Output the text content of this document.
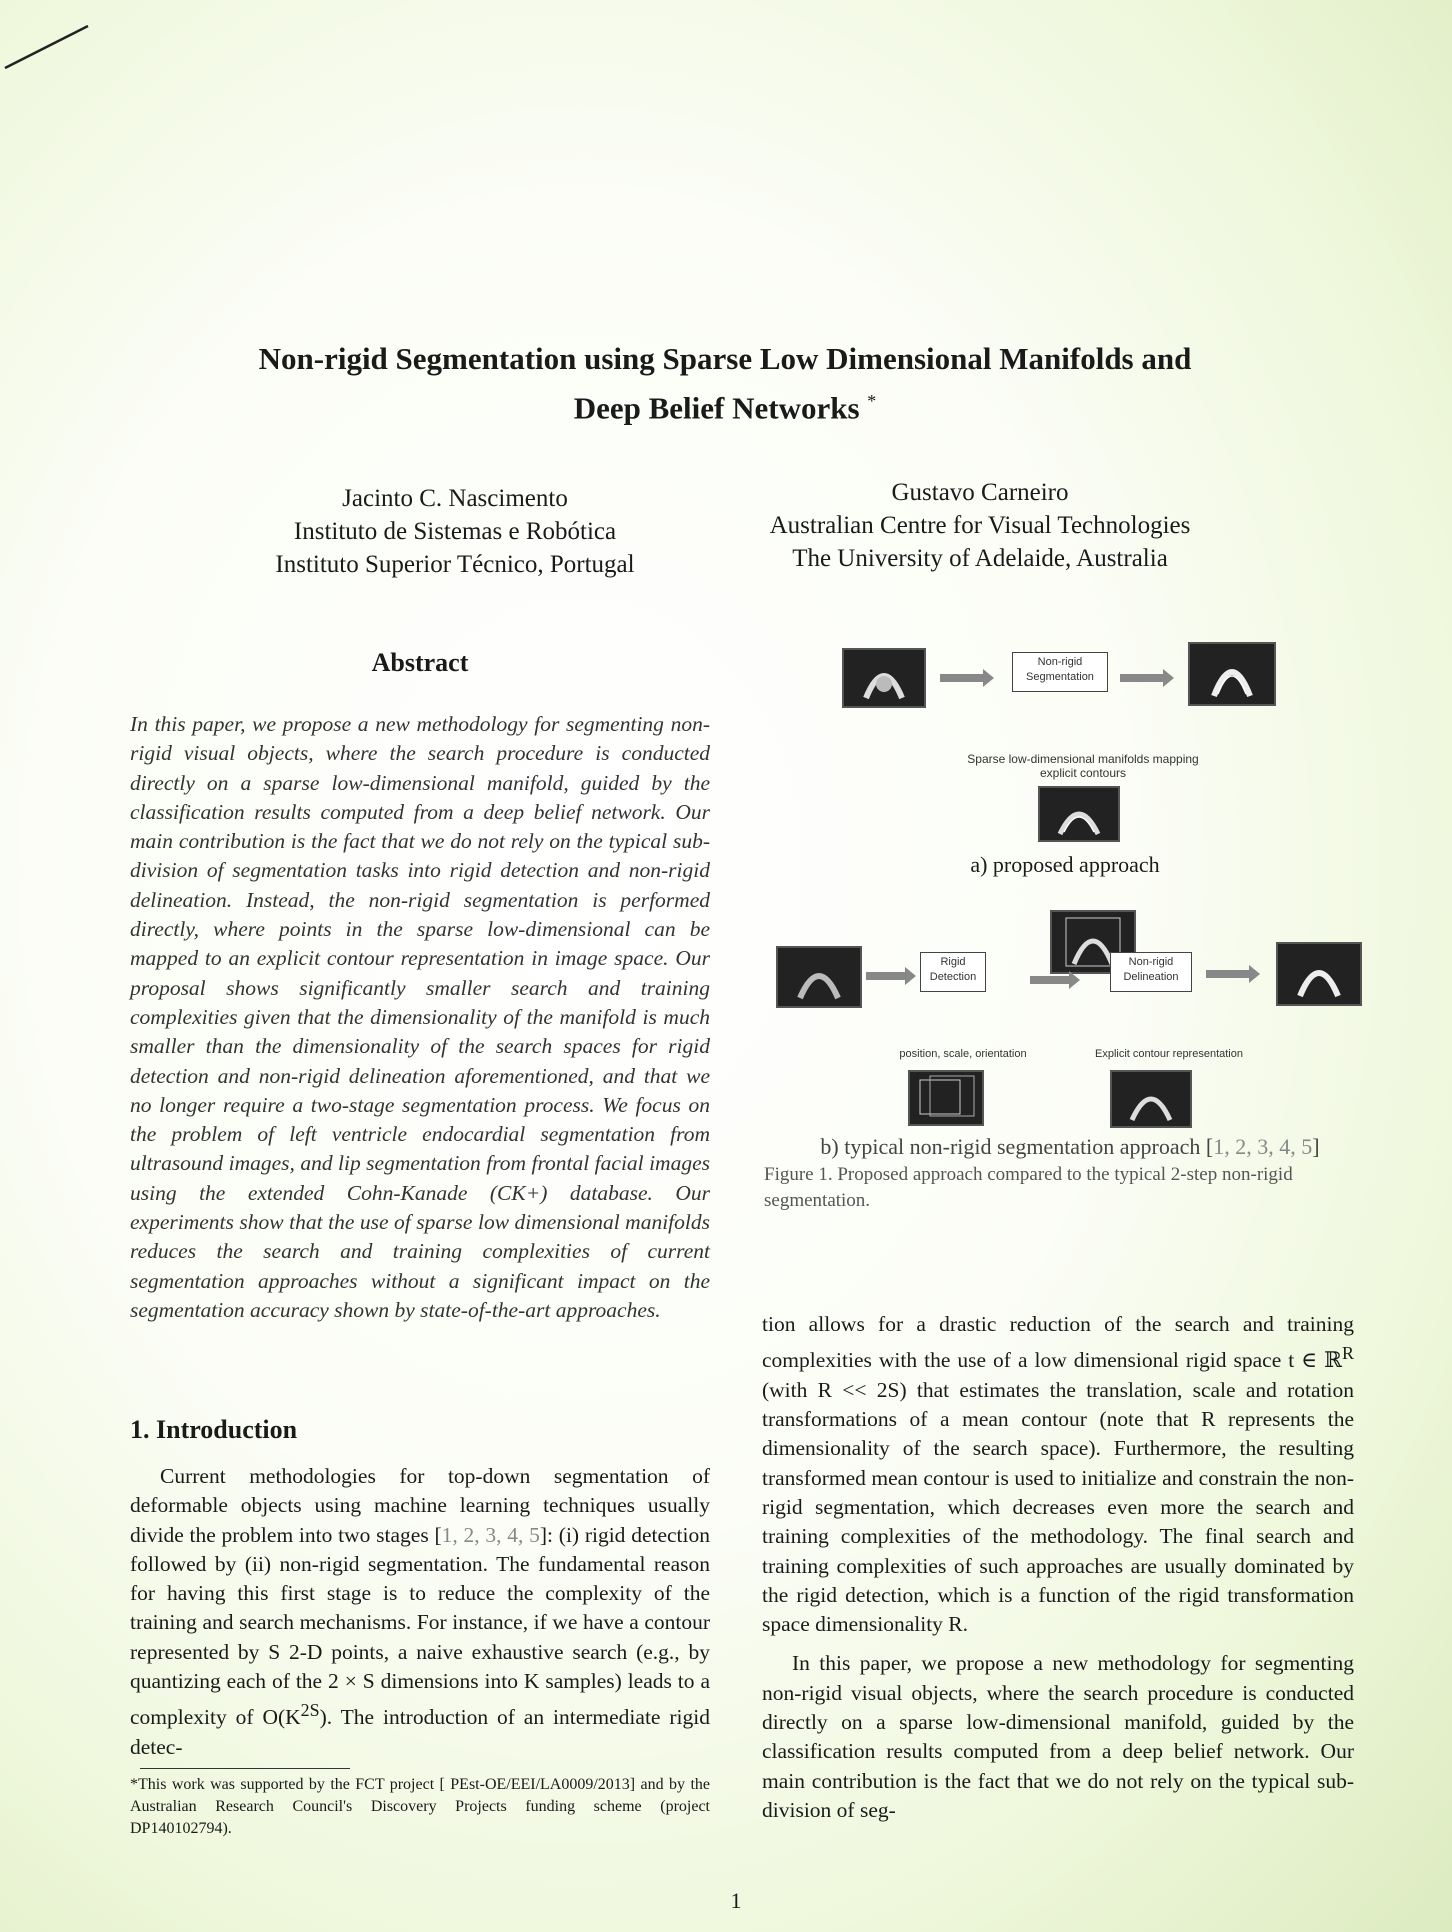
Non-rigid Segmentation using Sparse Low Dimensional Manifolds and
Deep Belief Networks *
Jacinto C. Nascimento
Instituto de Sistemas e Robótica
Instituto Superior Técnico, Portugal
Gustavo Carneiro
Australian Centre for Visual Technologies
The University of Adelaide, Australia
Abstract
In this paper, we propose a new methodology for segmenting non-rigid visual objects, where the search procedure is conducted directly on a sparse low-dimensional manifold, guided by the classification results computed from a deep belief network. Our main contribution is the fact that we do not rely on the typical sub-division of segmentation tasks into rigid detection and non-rigid delineation. Instead, the non-rigid segmentation is performed directly, where points in the sparse low-dimensional can be mapped to an explicit contour representation in image space. Our proposal shows significantly smaller search and training complexities given that the dimensionality of the manifold is much smaller than the dimensionality of the search spaces for rigid detection and non-rigid delineation aforementioned, and that we no longer require a two-stage segmentation process. We focus on the problem of left ventricle endocardial segmentation from ultrasound images, and lip segmentation from frontal facial images using the extended Cohn-Kanade (CK+) database. Our experiments show that the use of sparse low dimensional manifolds reduces the search and training complexities of current segmentation approaches without a significant impact on the segmentation accuracy shown by state-of-the-art approaches.
1. Introduction

Current methodologies for top-down segmentation of deformable objects using machine learning techniques usually divide the problem into two stages [1, 2, 3, 4, 5]: (i) rigid detection followed by (ii) non-rigid segmentation. The fundamental reason for having this first stage is to reduce the complexity of the training and search mechanisms. For instance, if we have a contour represented by S 2-D points, a naive exhaustive search (e.g., by quantizing each of the 2 × S dimensions into K samples) leads to a complexity of $O(K^{2S})$. The introduction of an intermediate rigid detec-

*This work was supported by the FCT project [ PEst-OE/EEI/LA0009/2013] and by the Australian Research Council's Discovery Projects funding scheme (project DP140102794).

tion allows for a drastic reduction of the search and training complexities with the use of a low dimensional rigid space t ∈ ℝ$^R$ (with R << 2S) that estimates the translation, scale and rotation transformations of a mean contour (note that R represents the dimensionality of the search space). Furthermore, the resulting transformed mean contour is used to initialize and constrain the non-rigid segmentation, which decreases even more the search and training complexities of the methodology. The final search and training complexities of such approaches are usually dominated by the rigid detection, which is a function of the rigid transformation space dimensionality R.

In this paper, we propose a new methodology for segmenting non-rigid visual objects, where the search procedure is conducted directly on a sparse low-dimensional manifold, guided by the classification results computed from a deep belief network. Our main contribution is the fact that we do not rely on the typical sub-division of seg-

Non-rigid Segmentation
Sparse low-dimensional manifolds mapping explicit contours
Rigid Detection
Non-rigid Delineation
position, scale, orientation	Explicit contour representation
a) proposed approach
b) typical non-rigid segmentation approach [1, 2, 3, 4, 5]
Figure 1. Proposed approach compared to the typical 2-step non-rigid segmentation.
1
